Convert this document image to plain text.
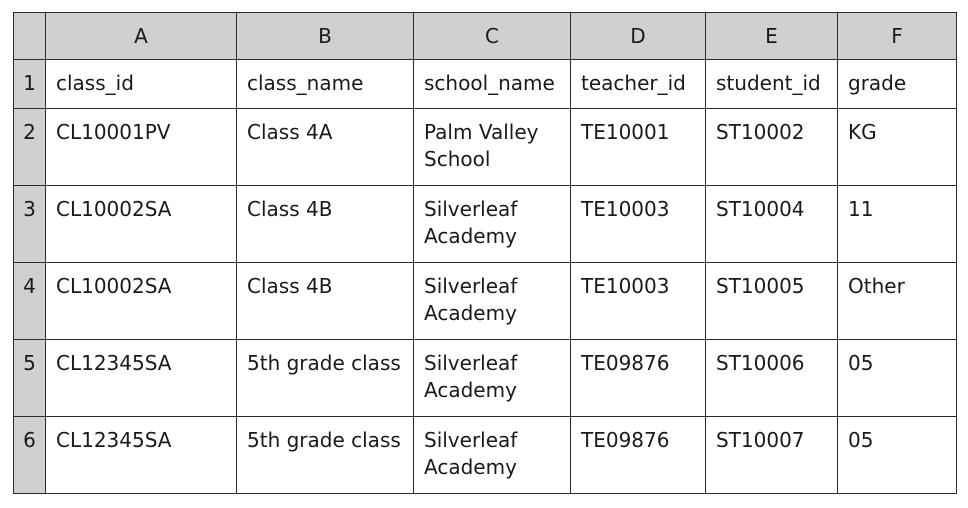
	A	B	C	D	E	F
1	class_id	class_name	school_name	teacher_id	student_id	grade
2	CL10001PV	Class 4A	Palm Valley School	TE10001	ST10002	KG
3	CL10002SA	Class 4B	Silverleaf Academy	TE10003	ST10004	11
4	CL10002SA	Class 4B	Silverleaf Academy	TE10003	ST10005	Other
5	CL12345SA	5th grade class	Silverleaf Academy	TE09876	ST10006	05
6	CL12345SA	5th grade class	Silverleaf Academy	TE09876	ST10007	05
